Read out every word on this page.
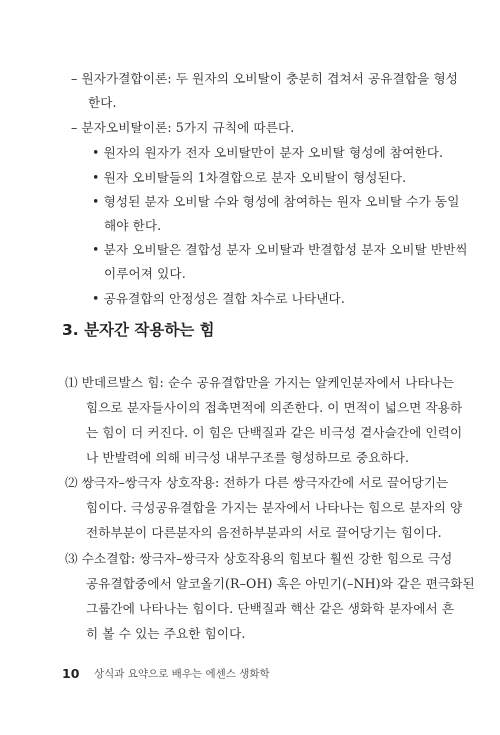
– 원자가결합이론: 두 원자의 오비탈이 충분히 겹쳐서 공유결합을 형성
한다.
– 분자오비탈이론: 5가지 규칙에 따른다.
• 원자의 원자가 전자 오비탈만이 분자 오비탈 형성에 참여한다.
• 원자 오비탈들의 1차결합으로 분자 오비탈이 형성된다.
• 형성된 분자 오비탈 수와 형성에 참여하는 원자 오비탈 수가 동일
해야 한다.
• 분자 오비탈은 결합성 분자 오비탈과 반결합성 분자 오비탈 반반씩
이루어져 있다.
• 공유결합의 안정성은 결합 차수로 나타낸다.
3. 분자간 작용하는 힘
⑴ 반데르발스 힘: 순수 공유결합만을 가지는 알케인분자에서 나타나는
힘으로 분자들사이의 접촉면적에 의존한다. 이 면적이 넓으면 작용하
는 힘이 더 커진다. 이 힘은 단백질과 같은 비극성 곁사슬간에 인력이
나 반발력에 의해 비극성 내부구조를 형성하므로 중요하다.
⑵ 쌍극자–쌍극자 상호작용: 전하가 다른 쌍극자간에 서로 끌어당기는
힘이다. 극성공유결합을 가지는 분자에서 나타나는 힘으로 분자의 양
전하부분이 다른분자의 음전하부분과의 서로 끌어당기는 힘이다.
⑶ 수소결합: 쌍극자–쌍극자 상호작용의 힘보다 훨씬 강한 힘으로 극성
공유결합중에서 알코올기(R–OH) 혹은 아민기(–NH)와 같은 편극화된
그룹간에 나타나는 힘이다. 단백질과 핵산 같은 생화학 분자에서 흔
히 볼 수 있는 주요한 힘이다.
10 상식과 요약으로 배우는 에센스 생화학
